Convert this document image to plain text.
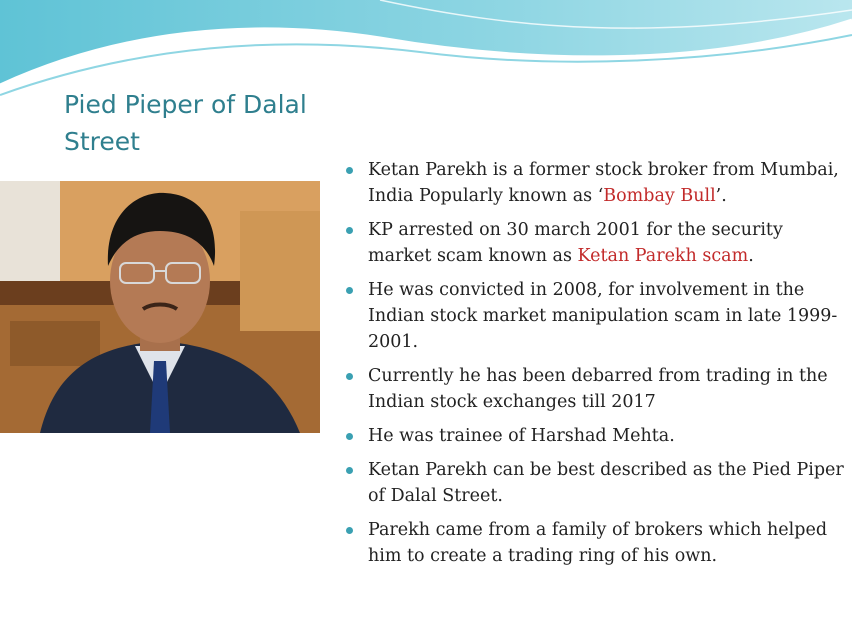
Pied Pieper of Dalal Street
Ketan Parekh is a former stock broker from Mumbai, India Popularly known as ‘Bombay Bull’.
KP arrested on 30 march 2001 for the security market scam known as Ketan Parekh scam.
He was convicted in 2008, for involvement in the Indian stock market manipulation scam in late 1999-2001.
Currently he has been debarred from trading in the Indian stock exchanges till 2017
He was trainee of Harshad Mehta.
Ketan Parekh can be best described as the Pied Piper of Dalal Street.
Parekh came from a family of brokers which helped him to create a trading ring of his own.
